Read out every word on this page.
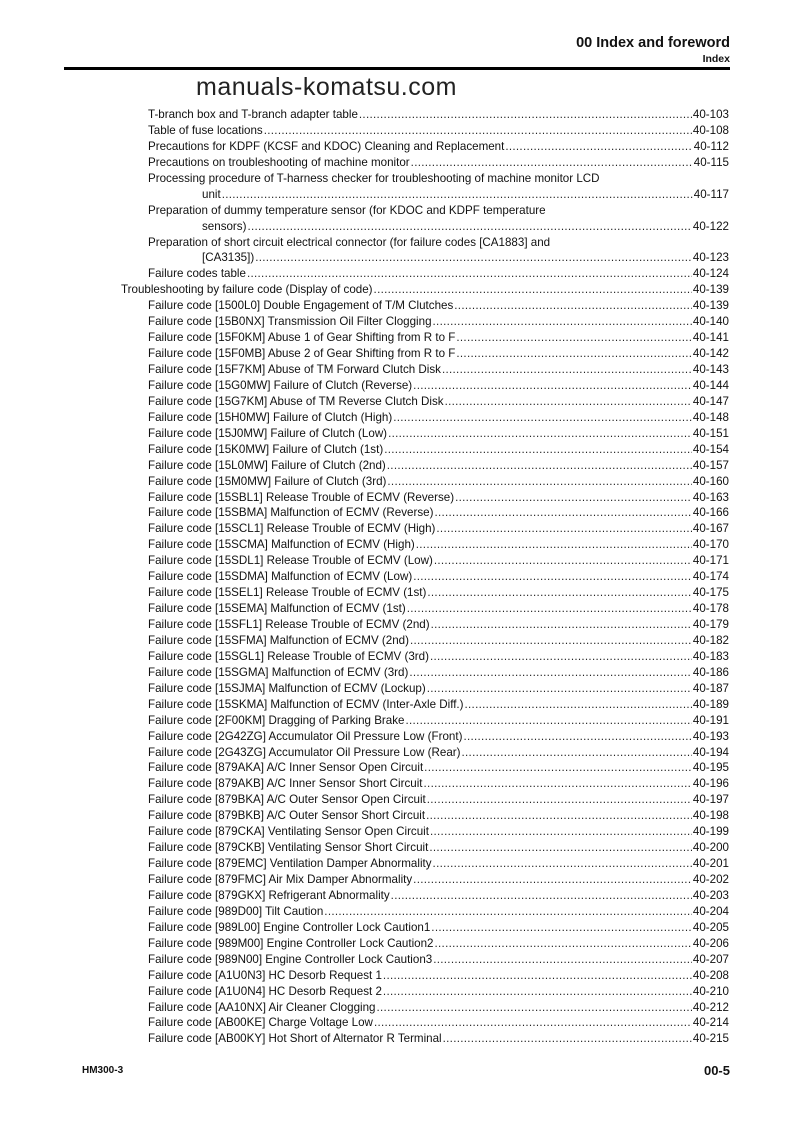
00 Index and foreword
Index
manuals-komatsu.com
T-branch box and T-branch adapter table .....	40-103
Table of fuse locations .....	40-108
Precautions for KDPF (KCSF and KDOC) Cleaning and Replacement .....	40-112
Precautions on troubleshooting of machine monitor .....	40-115
Processing procedure of T-harness checker for troubleshooting of machine monitor LCD
unit .....	40-117
Preparation of dummy temperature sensor (for KDOC and KDPF temperature
sensors) .....	40-122
Preparation of short circuit electrical connector (for failure codes [CA1883] and
[CA3135]) .....	40-123
Failure codes table .....	40-124
Troubleshooting by failure code (Display of code) .....	40-139
Failure code [1500L0] Double Engagement of T/M Clutches .....	40-139
Failure code [15B0NX] Transmission Oil Filter Clogging .....	40-140
Failure code [15F0KM] Abuse 1 of Gear Shifting from R to F .....	40-141
Failure code [15F0MB] Abuse 2 of Gear Shifting from R to F .....	40-142
Failure code [15F7KM] Abuse of TM Forward Clutch Disk .....	40-143
Failure code [15G0MW] Failure of Clutch (Reverse) .....	40-144
Failure code [15G7KM] Abuse of TM Reverse Clutch Disk .....	40-147
Failure code [15H0MW] Failure of Clutch (High) .....	40-148
Failure code [15J0MW] Failure of Clutch (Low) .....	40-151
Failure code [15K0MW] Failure of Clutch (1st) .....	40-154
Failure code [15L0MW] Failure of Clutch (2nd) .....	40-157
Failure code [15M0MW] Failure of Clutch (3rd) .....	40-160
Failure code [15SBL1] Release Trouble of ECMV (Reverse) .....	40-163
Failure code [15SBMA] Malfunction of ECMV (Reverse) .....	40-166
Failure code [15SCL1] Release Trouble of ECMV (High) .....	40-167
Failure code [15SCMA] Malfunction of ECMV (High) .....	40-170
Failure code [15SDL1] Release Trouble of ECMV (Low) .....	40-171
Failure code [15SDMA] Malfunction of ECMV (Low) .....	40-174
Failure code [15SEL1] Release Trouble of ECMV (1st) .....	40-175
Failure code [15SEMA] Malfunction of ECMV (1st) .....	40-178
Failure code [15SFL1] Release Trouble of ECMV (2nd) .....	40-179
Failure code [15SFMA] Malfunction of ECMV (2nd) .....	40-182
Failure code [15SGL1] Release Trouble of ECMV (3rd) .....	40-183
Failure code [15SGMA] Malfunction of ECMV (3rd) .....	40-186
Failure code [15SJMA] Malfunction of ECMV (Lockup) .....	40-187
Failure code [15SKMA] Malfunction of ECMV (Inter-Axle Diff.) .....	40-189
Failure code [2F00KM] Dragging of Parking Brake .....	40-191
Failure code [2G42ZG] Accumulator Oil Pressure Low (Front) .....	40-193
Failure code [2G43ZG] Accumulator Oil Pressure Low (Rear) .....	40-194
Failure code [879AKA] A/C Inner Sensor Open Circuit .....	40-195
Failure code [879AKB] A/C Inner Sensor Short Circuit .....	40-196
Failure code [879BKA] A/C Outer Sensor Open Circuit .....	40-197
Failure code [879BKB] A/C Outer Sensor Short Circuit .....	40-198
Failure code [879CKA] Ventilating Sensor Open Circuit .....	40-199
Failure code [879CKB] Ventilating Sensor Short Circuit .....	40-200
Failure code [879EMC] Ventilation Damper Abnormality .....	40-201
Failure code [879FMC] Air Mix Damper Abnormality .....	40-202
Failure code [879GKX] Refrigerant Abnormality .....	40-203
Failure code [989D00] Tilt Caution .....	40-204
Failure code [989L00] Engine Controller Lock Caution1 .....	40-205
Failure code [989M00] Engine Controller Lock Caution2 .....	40-206
Failure code [989N00] Engine Controller Lock Caution3 .....	40-207
Failure code [A1U0N3] HC Desorb Request 1 .....	40-208
Failure code [A1U0N4] HC Desorb Request 2 .....	40-210
Failure code [AA10NX] Air Cleaner Clogging .....	40-212
Failure code [AB00KE] Charge Voltage Low .....	40-214
Failure code [AB00KY] Hot Short of Alternator R Terminal .....	40-215
HM300-3	00-5
